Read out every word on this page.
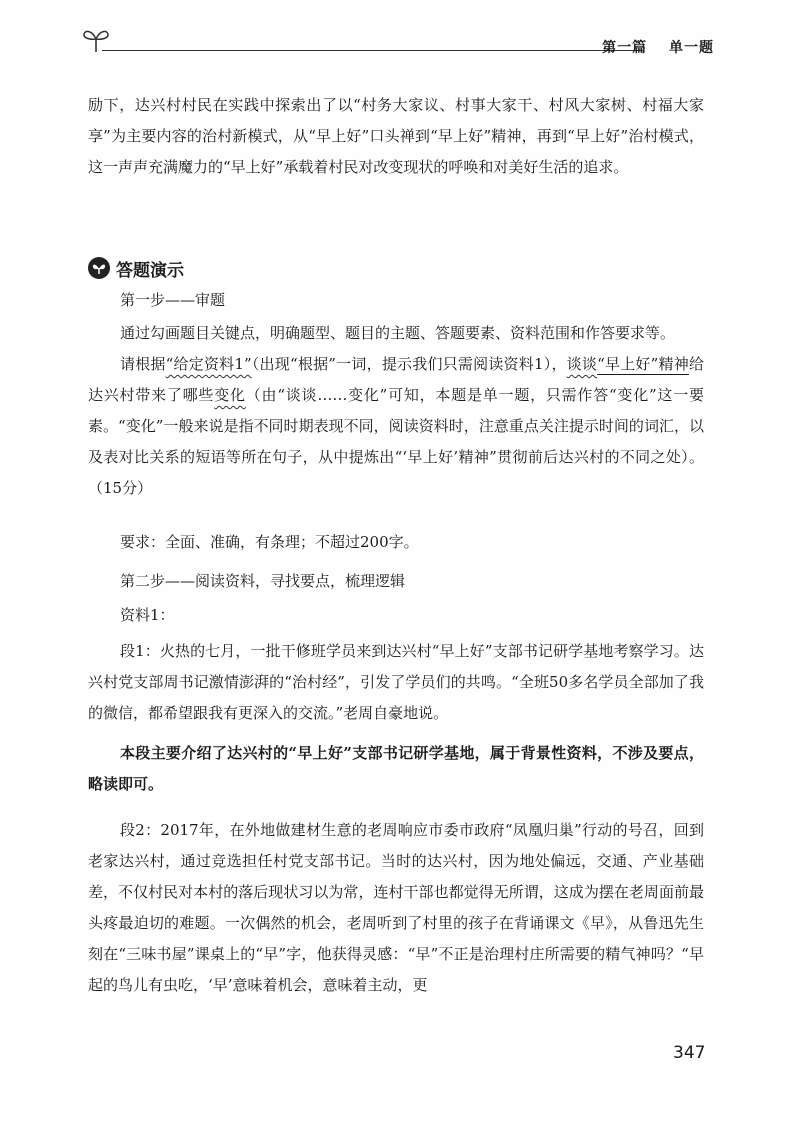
第一篇 单一题

励下，达兴村村民在实践中探索出了以“村务大家议、村事大家干、村风大家树、村福大家享”为主要内容的治村新模式，从“早上好”口头禅到“早上好”精神，再到“早上好”治村模式，这一声声充满魔力的“早上好”承载着村民对改变现状的呼唤和对美好生活的追求。

答题演示

第一步——审题

通过勾画题目关键点，明确题型、题目的主题、答题要素、资料范围和作答要求等。

请根据“给定资料1”（出现“根据”一词，提示我们只需阅读资料1），谈谈“早上好”精神给达兴村带来了哪些变化（由“谈谈……变化”可知，本题是单一题，只需作答“变化”这一要素。“变化”一般来说是指不同时期表现不同，阅读资料时，注意重点关注提示时间的词汇，以及表对比关系的短语等所在句子，从中提炼出“‘早上好’精神”贯彻前后达兴村的不同之处）。（15分）

要求：全面、准确，有条理；不超过200字。

第二步——阅读资料，寻找要点，梳理逻辑

资料1：

段1：火热的七月，一批干修班学员来到达兴村“早上好”支部书记研学基地考察学习。达兴村党支部周书记激情澎湃的“治村经”，引发了学员们的共鸣。“全班50多名学员全部加了我的微信，都希望跟我有更深入的交流。”老周自豪地说。

本段主要介绍了达兴村的“早上好”支部书记研学基地，属于背景性资料，不涉及要点，略读即可。

段2：2017年，在外地做建材生意的老周响应市委市政府“凤凰归巢”行动的号召，回到老家达兴村，通过竞选担任村党支部书记。当时的达兴村，因为地处偏远，交通、产业基础差，不仅村民对本村的落后现状习以为常，连村干部也都觉得无所谓，这成为摆在老周面前最头疼最迫切的难题。一次偶然的机会，老周听到了村里的孩子在背诵课文《早》，从鲁迅先生刻在“三味书屋”课桌上的“早”字，他获得灵感：“早”不正是治理村庄所需要的精气神吗？“早起的鸟儿有虫吃，‘早’意味着机会，意味着主动，更

347
